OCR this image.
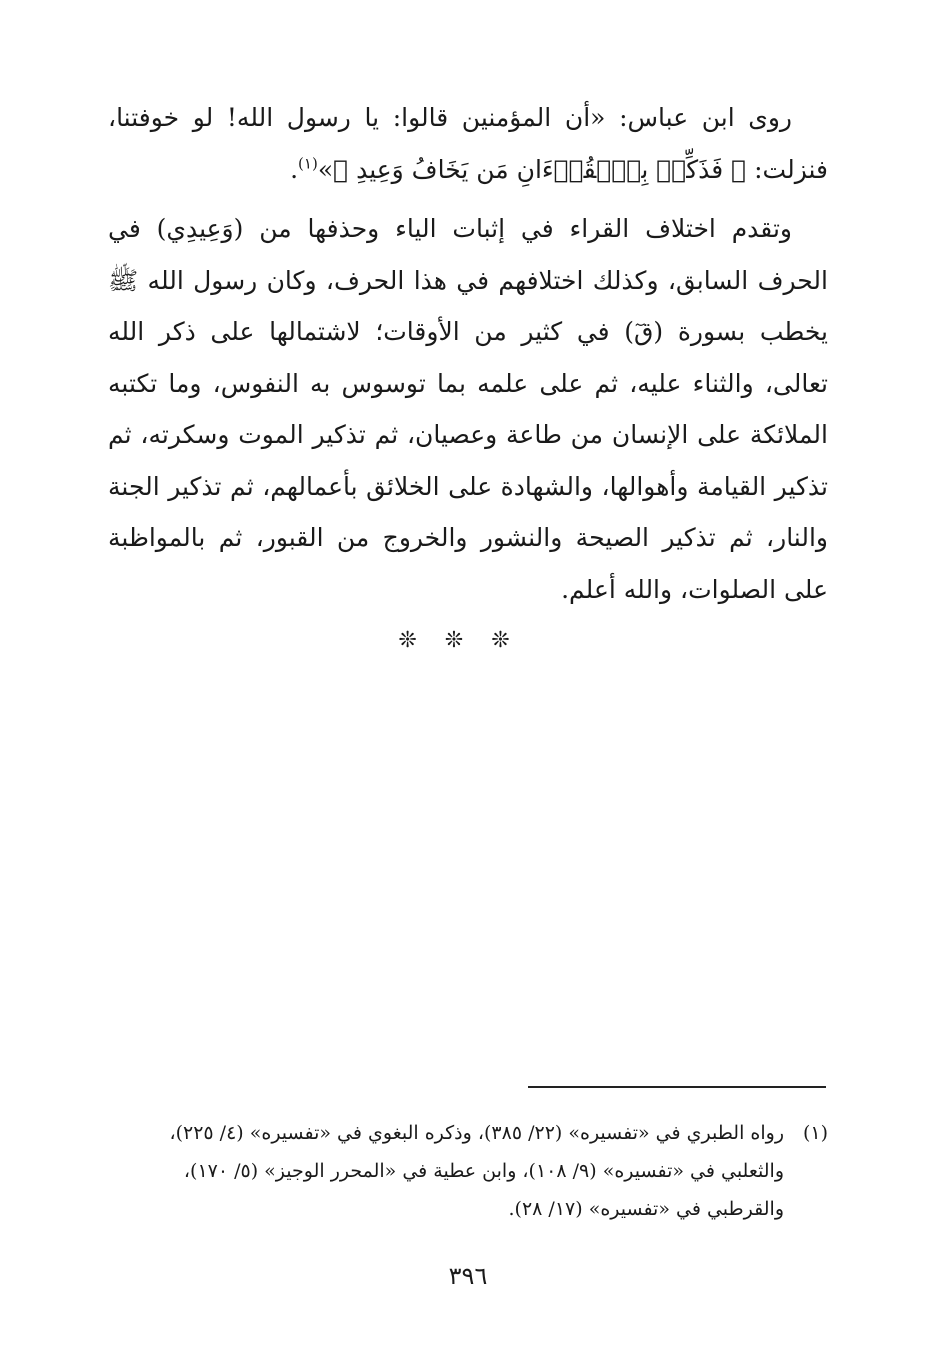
روى ابن عباس: «أن المؤمنين قالوا: يا رسول الله! لو خوفتنا، فنزلت: ﴿ فَذَكِّرۡ بِٱلۡقُرۡءَانِ مَن يَخَافُ وَعِيدِ ﴾»$^{(١)}$.

وتقدم اختلاف القراء في إثبات الياء وحذفها من (وَعِيدِي) في الحرف السابق، وكذلك اختلافهم في هذا الحرف، وكان رسول الله ﷺ يخطب بسورة (قٓ) في كثير من الأوقات؛ لاشتمالها على ذكر الله تعالى، والثناء عليه، ثم على علمه بما توسوس به النفوس، وما تكتبه الملائكة على الإنسان من طاعة وعصيان، ثم تذكير الموت وسكرته، ثم تذكير القيامة وأهوالها، والشهادة على الخلائق بأعمالهم، ثم تذكير الجنة والنار، ثم تذكير الصيحة والنشور والخروج من القبور، ثم بالمواظبة على الصلوات، والله أعلم.

❊❊❊
(١)
رواه الطبري في «تفسيره» (٢٢/ ٣٨٥)، وذكره البغوي في «تفسيره» (٤/ ٢٢٥)،
والثعلبي في «تفسيره» (٩/ ١٠٨)، وابن عطية في «المحرر الوجيز» (٥/ ١٧٠)،
والقرطبي في «تفسيره» (١٧/ ٢٨).
٣٩٦
